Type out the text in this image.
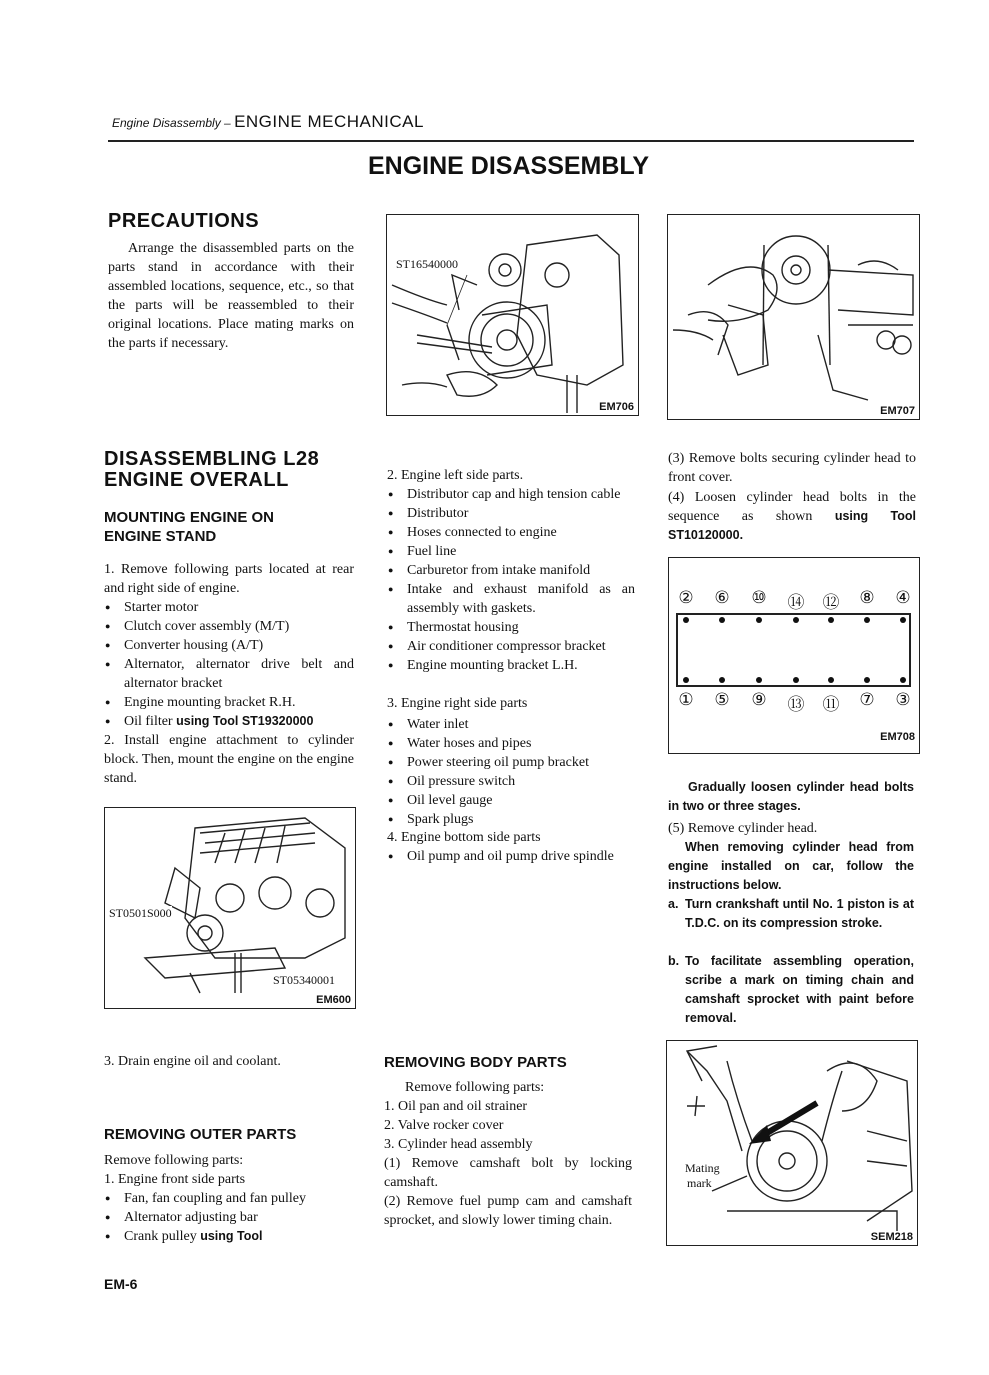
Engine Disassembly – ENGINE MECHANICAL
ENGINE DISASSEMBLY
PRECAUTIONS
Arrange the disassembled parts on the parts stand in accordance with their assembled locations, sequence, etc., so that the parts will be reassembled to their original locations. Place mating marks on the parts if necessary.
ST16540000
EM706	EM707
DISASSEMBLING L28
ENGINE OVERALL
MOUNTING ENGINE ON
ENGINE STAND
1. Remove following parts located at rear and right side of engine.
● Starter motor
● Clutch cover assembly (M/T)
● Converter housing (A/T)
● Alternator, alternator drive belt and alternator bracket
● Engine mounting bracket R.H.
● Oil filter using Tool ST19320000
2. Install engine attachment to cylinder block. Then, mount the engine on the engine stand.
ST0501S000
ST05340001
EM600
3. Drain engine oil and coolant.
REMOVING OUTER PARTS
Remove following parts:
1. Engine front side parts
● Fan, fan coupling and fan pulley
● Alternator adjusting bar
● Crank pulley using Tool
2. Engine left side parts.
● Distributor cap and high tension cable
● Distributor
● Hoses connected to engine
● Fuel line
● Carburetor from intake manifold
● Intake and exhaust manifold as an assembly with gaskets.
● Thermostat housing
● Air conditioner compressor bracket
● Engine mounting bracket L.H.
3. Engine right side parts
● Water inlet
● Water hoses and pipes
● Power steering oil pump bracket
● Oil pressure switch
● Oil level gauge
● Spark plugs
4. Engine bottom side parts
● Oil pump and oil pump drive spindle
REMOVING BODY PARTS
Remove following parts:
1. Oil pan and oil strainer
2. Valve rocker cover
3. Cylinder head assembly
(1) Remove camshaft bolt by locking camshaft.
(2) Remove fuel pump cam and camshaft sprocket, and slowly lower timing chain.
(3) Remove bolts securing cylinder head to front cover.
(4) Loosen cylinder head bolts in the sequence as shown using Tool ST10120000.
② ⑥ ⑩ ⑭ ⑫ ⑧ ④
① ⑤ ⑨ ⑬ ⑪ ⑦ ③
EM708
Gradually loosen cylinder head bolts in two or three stages.
(5) Remove cylinder head.
When removing cylinder head from engine installed on car, follow the instructions below.
a. Turn crankshaft until No. 1 piston is at T.D.C. on its compression stroke.
b. To facilitate assembling operation, scribe a mark on timing chain and camshaft sprocket with paint before removal.
Mating
mark
SEM218
EM-6
